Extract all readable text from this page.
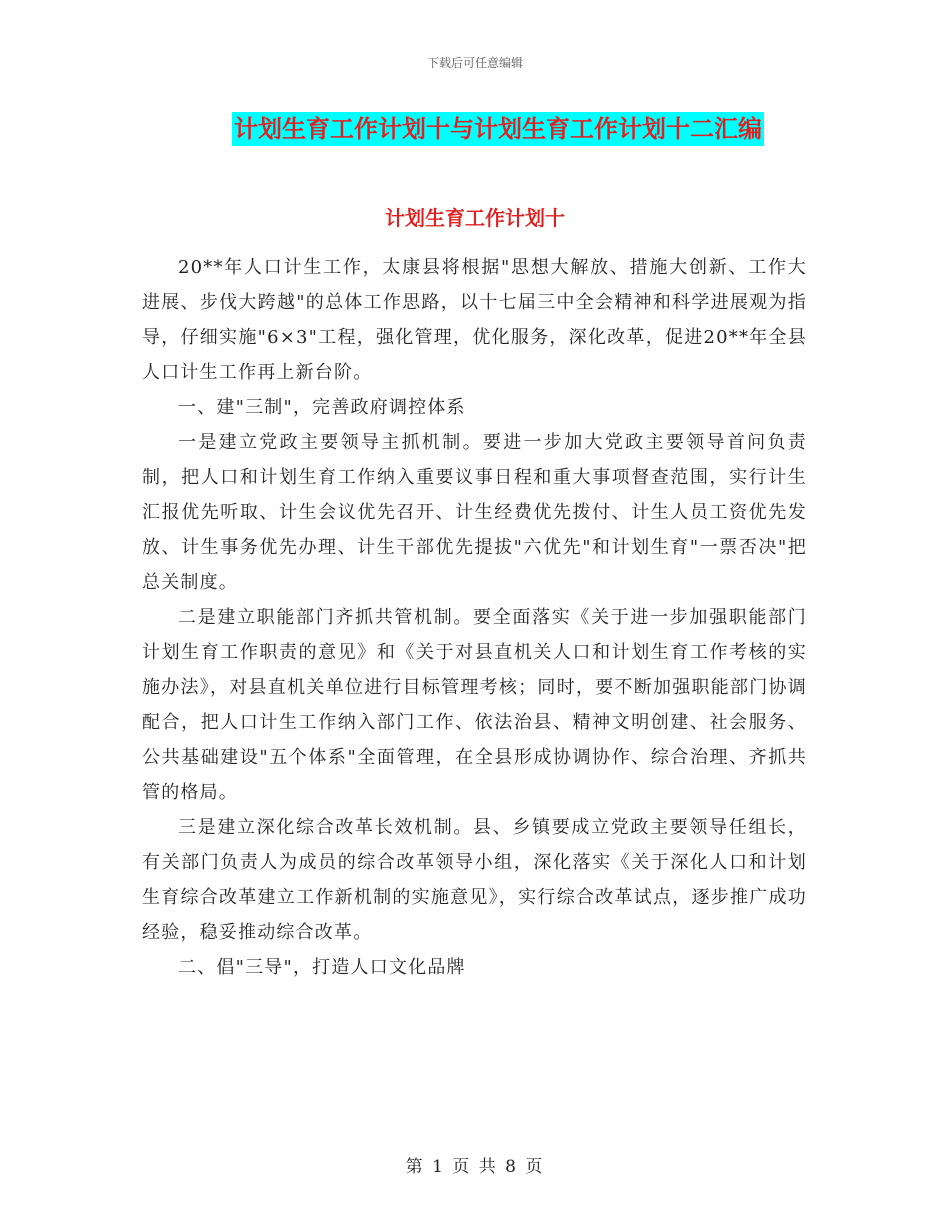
下载后可任意编辑
计划生育工作计划十与计划生育工作计划十二汇编
计划生育工作计划十

20**年人口计生工作，太康县将根据"思想大解放、措施大创新、工作大进展、步伐大跨越"的总体工作思路，以十七届三中全会精神和科学进展观为指导，仔细实施"6×3"工程，强化管理，优化服务，深化改革，促进20**年全县人口计生工作再上新台阶。

一、建"三制"，完善政府调控体系

一是建立党政主要领导主抓机制。要进一步加大党政主要领导首问负责制，把人口和计划生育工作纳入重要议事日程和重大事项督查范围，实行计生汇报优先听取、计生会议优先召开、计生经费优先拨付、计生人员工资优先发放、计生事务优先办理、计生干部优先提拔"六优先"和计划生育"一票否决"把总关制度。

二是建立职能部门齐抓共管机制。要全面落实《关于进一步加强职能部门计划生育工作职责的意见》和《关于对县直机关人口和计划生育工作考核的实施办法》，对县直机关单位进行目标管理考核；同时，要不断加强职能部门协调配合，把人口计生工作纳入部门工作、依法治县、精神文明创建、社会服务、公共基础建设"五个体系"全面管理，在全县形成协调协作、综合治理、齐抓共管的格局。

三是建立深化综合改革长效机制。县、乡镇要成立党政主要领导任组长，有关部门负责人为成员的综合改革领导小组，深化落实《关于深化人口和计划生育综合改革建立工作新机制的实施意见》，实行综合改革试点，逐步推广成功经验，稳妥推动综合改革。

二、倡"三导"，打造人口文化品牌

第 1 页 共 8 页
